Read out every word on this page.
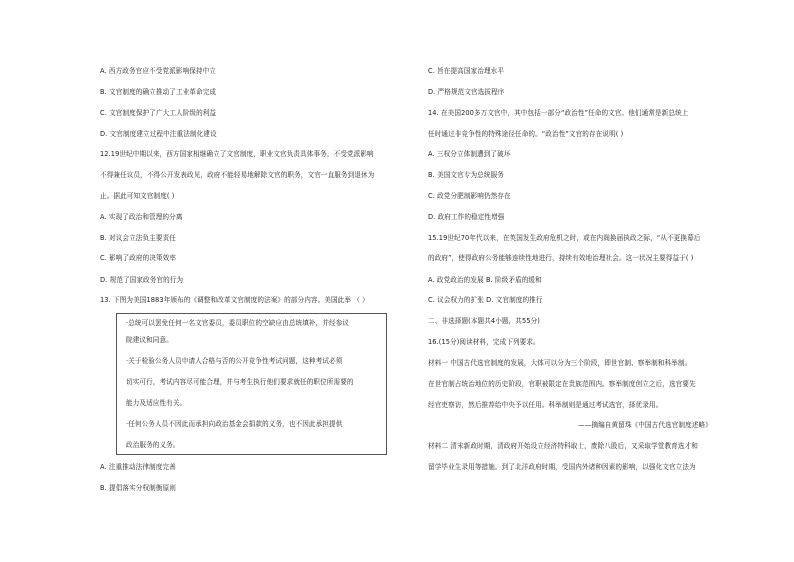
A. 西方政务官应不受党派影响保持中立
B. 文官制度的确立推动了工业革命完成
C. 文官制度保护了广大工人阶级的利益
D. 文官制度建立过程中注重法制化建设
12.19世纪中期以来，西方国家相继确立了文官制度，职业文官负责具体事务，不受党派影响
不得兼任议员，不得公开发表政见，政府不能轻易地解除文官的职务，文官一直服务到退休为
止。据此可知文官制度( )
A. 实现了政治和管理的分离
B. 对议会立法负主要责任
C. 影响了政府的决策效率
D. 规范了国家政务官的行为
13. 下图为美国1883年颁布的《调整和改革文官制度的法案》的部分内容。美国此举 （ ）
A. 注重推动法律制度完善
B. 提倡落实分权制衡原则
·总统可以罢免任何一名文官委员，委员职位的空缺应由总统填补，并经参议
院建议和同意。
·关于检验公务人员申请人合格与否的公开竞争性考试问题，这种考试必须
切实可行，考试内容尽可能合理，并与考生执行他们要求就任的职位所需要的
能力及适应性有关。
·任何公务人员不因此而承担向政治基金会捐款的义务，也不因此承担提供
政治服务的义务。
C. 旨在提高国家治理水平
D. 严格规范文官选拔程序
14. 在美国200多万文官中，其中包括一部分“政治性”任命的文官。他们通常是新总统上
任时通过非竞争性的特殊途径任命的。“政治性”文官的存在说明( )
A. 三权分立体制遭到了破坏
B. 美国文官专为总统服务
C. 政党分肥制影响仍然存在
D. 政府工作的稳定性增强
15.19世纪70年代以来，在英国发生政府危机之时，或在内阁换届执政之际，“从不更换幕后
的政府”，使得政府公务能够连续性地进行，持续有效地治理社会。这一状况主要得益于( )
A. 政党政治的发展 B. 阶级矛盾的缓和
C. 议会权力的扩张 D. 文官制度的推行
二、非选择题(本题共4小题，共55分)
16.(15分)阅读材料，完成下列要求。
材料一 中国古代选官制度的发展，大体可以分为三个阶段，即世官制、察举制和科举制。
在世官制占统治地位的历史阶段，官职被限定在贵族范围内。察举制度创立之后，选官要先
经官吏察访，然后推荐给中央予以任用。科举制则是通过考试选官，择优录用。
——摘编自黄留珠《中国古代选官制度述略》
材料二 清末新政时期，清政府开始设立经济特科取士，废除八股后，又采取学堂教育选才和
留学毕业生录用等措施。到了北洋政府时期，受国内外诸种因素的影响，以强化文官立法为
